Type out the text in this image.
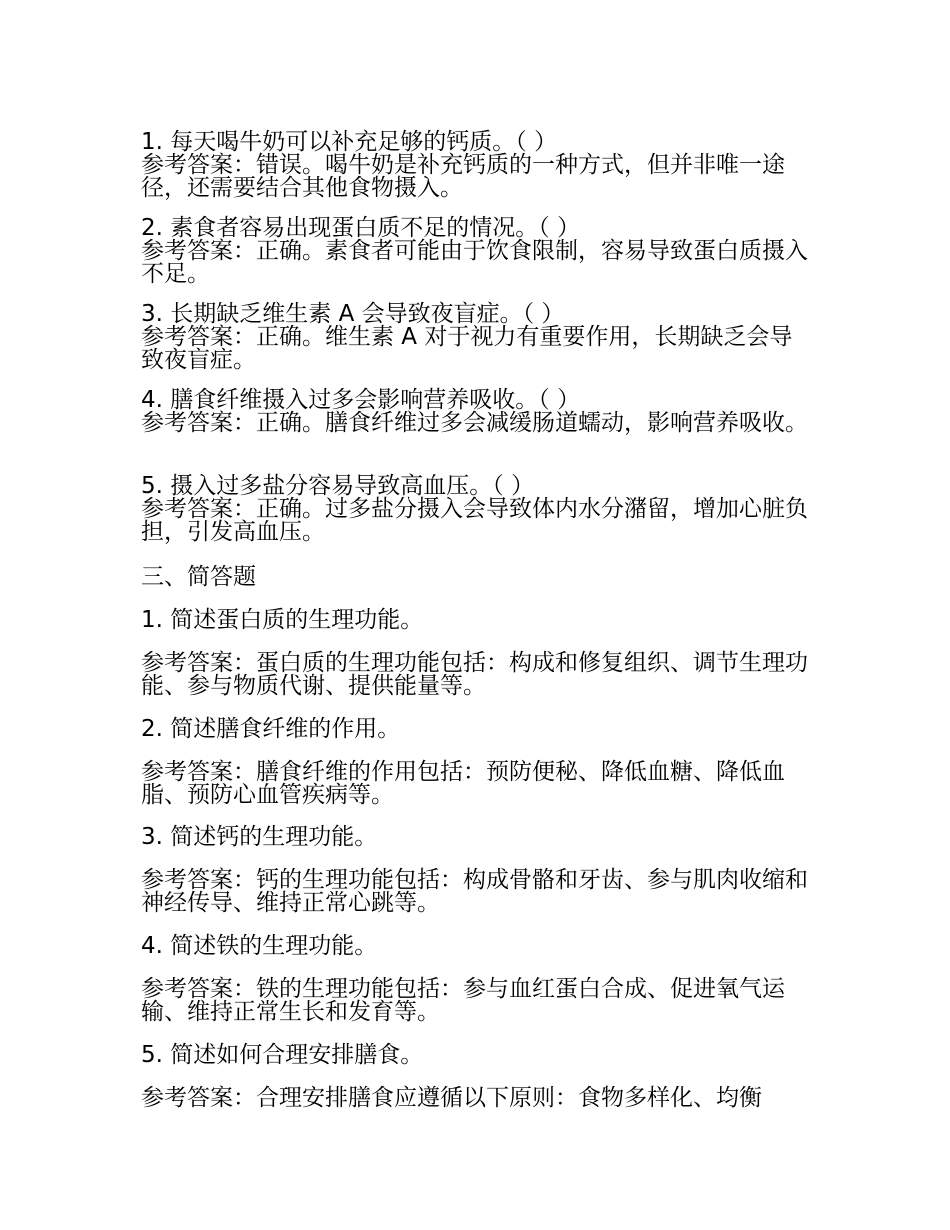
1. 每天喝牛奶可以补充足够的钙质。（ ）
参考答案：错误。喝牛奶是补充钙质的一种方式，但并非唯一途径，还需要结合其他食物摄入。
2. 素食者容易出现蛋白质不足的情况。（ ）
参考答案：正确。素食者可能由于饮食限制，容易导致蛋白质摄入不足。
3. 长期缺乏维生素 A 会导致夜盲症。（ ）
参考答案：正确。维生素 A 对于视力有重要作用，长期缺乏会导致夜盲症。
4. 膳食纤维摄入过多会影响营养吸收。（ ）
参考答案：正确。膳食纤维过多会减缓肠道蠕动，影响营养吸收。
5. 摄入过多盐分容易导致高血压。（ ）
参考答案：正确。过多盐分摄入会导致体内水分潴留，增加心脏负担，引发高血压。
三、简答题
1. 简述蛋白质的生理功能。
参考答案：蛋白质的生理功能包括：构成和修复组织、调节生理功能、参与物质代谢、提供能量等。
2. 简述膳食纤维的作用。
参考答案：膳食纤维的作用包括：预防便秘、降低血糖、降低血脂、预防心血管疾病等。
3. 简述钙的生理功能。
参考答案：钙的生理功能包括：构成骨骼和牙齿、参与肌肉收缩和神经传导、维持正常心跳等。
4. 简述铁的生理功能。
参考答案：铁的生理功能包括：参与血红蛋白合成、促进氧气运输、维持正常生长和发育等。
5. 简述如何合理安排膳食。
参考答案：合理安排膳食应遵循以下原则：食物多样化、均衡
